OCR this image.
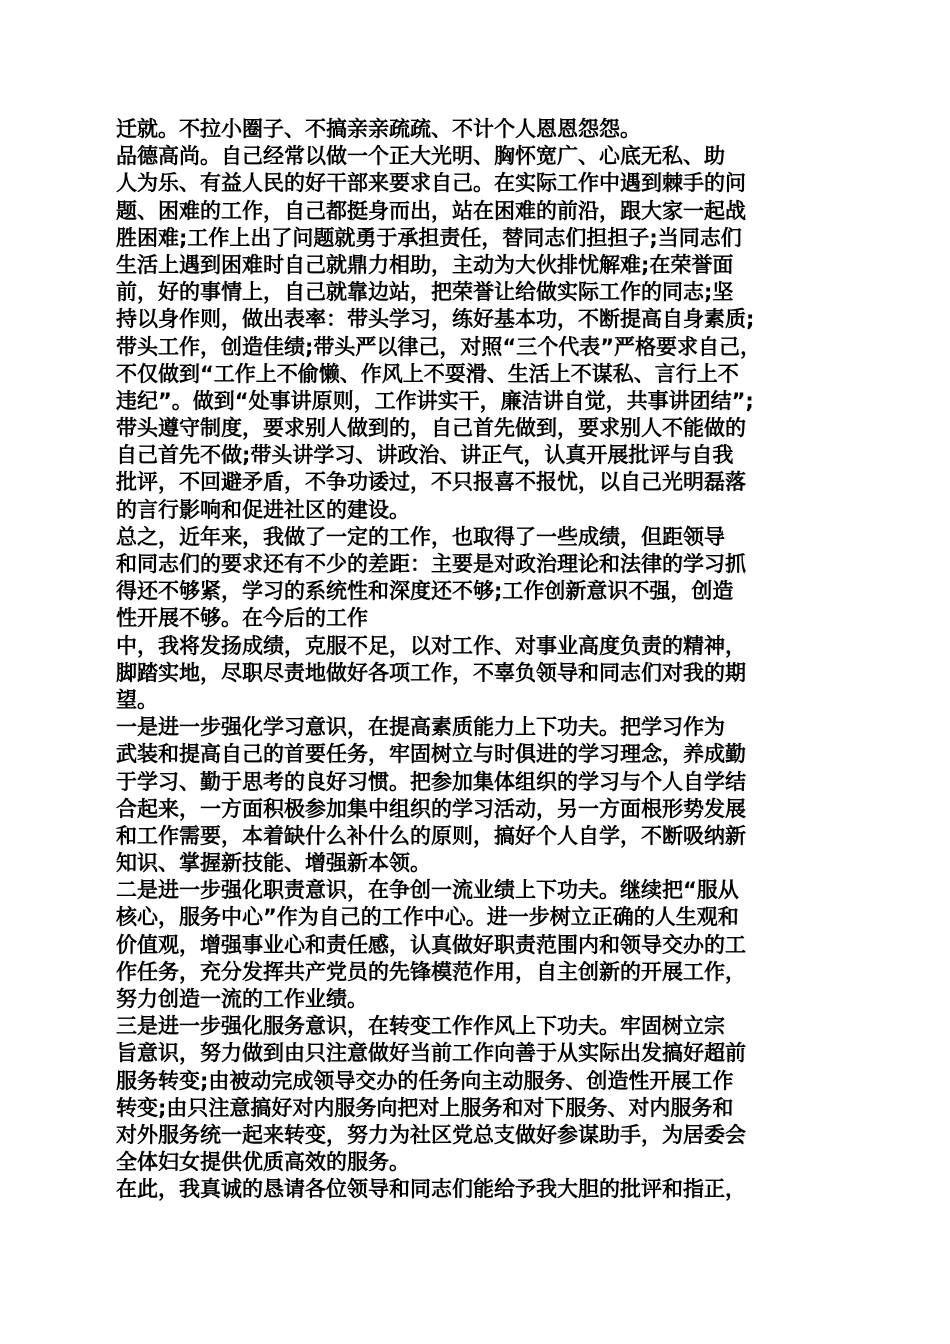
迁就。不拉小圈子、不搞亲亲疏疏、不计个人恩恩怨怨。
品德高尚。自己经常以做一个正大光明、胸怀宽广、心底无私、助
人为乐、有益人民的好干部来要求自己。在实际工作中遇到棘手的问
题、困难的工作，自己都挺身而出，站在困难的前沿，跟大家一起战
胜困难;工作上出了问题就勇于承担责任，替同志们担担子;当同志们
生活上遇到困难时自己就鼎力相助，主动为大伙排忧解难;在荣誉面
前，好的事情上，自己就靠边站，把荣誉让给做实际工作的同志;坚
持以身作则，做出表率：带头学习，练好基本功，不断提高自身素质;
带头工作，创造佳绩;带头严以律己，对照“三个代表”严格要求自己，
不仅做到“工作上不偷懒、作风上不耍滑、生活上不谋私、言行上不
违纪”。做到“处事讲原则，工作讲实干，廉洁讲自觉，共事讲团结”;
带头遵守制度，要求别人做到的，自己首先做到，要求别人不能做的
自己首先不做;带头讲学习、讲政治、讲正气，认真开展批评与自我
批评，不回避矛盾，不争功诿过，不只报喜不报忧，以自己光明磊落
的言行影响和促进社区的建设。
总之，近年来，我做了一定的工作，也取得了一些成绩，但距领导
和同志们的要求还有不少的差距：主要是对政治理论和法律的学习抓
得还不够紧，学习的系统性和深度还不够;工作创新意识不强，创造
性开展不够。在今后的工作
中，我将发扬成绩，克服不足，以对工作、对事业高度负责的精神，
脚踏实地，尽职尽责地做好各项工作，不辜负领导和同志们对我的期
望。
一是进一步强化学习意识，在提高素质能力上下功夫。把学习作为
武装和提高自己的首要任务，牢固树立与时俱进的学习理念，养成勤
于学习、勤于思考的良好习惯。把参加集体组织的学习与个人自学结
合起来，一方面积极参加集中组织的学习活动，另一方面根形势发展
和工作需要，本着缺什么补什么的原则，搞好个人自学，不断吸纳新
知识、掌握新技能、增强新本领。
二是进一步强化职责意识，在争创一流业绩上下功夫。继续把“服从
核心，服务中心”作为自己的工作中心。进一步树立正确的人生观和
价值观，增强事业心和责任感，认真做好职责范围内和领导交办的工
作任务，充分发挥共产党员的先锋模范作用，自主创新的开展工作，
努力创造一流的工作业绩。
三是进一步强化服务意识，在转变工作作风上下功夫。牢固树立宗
旨意识，努力做到由只注意做好当前工作向善于从实际出发搞好超前
服务转变;由被动完成领导交办的任务向主动服务、创造性开展工作
转变;由只注意搞好对内服务向把对上服务和对下服务、对内服务和
对外服务统一起来转变，努力为社区党总支做好参谋助手，为居委会
全体妇女提供优质高效的服务。
在此，我真诚的恳请各位领导和同志们能给予我大胆的批评和指正，
